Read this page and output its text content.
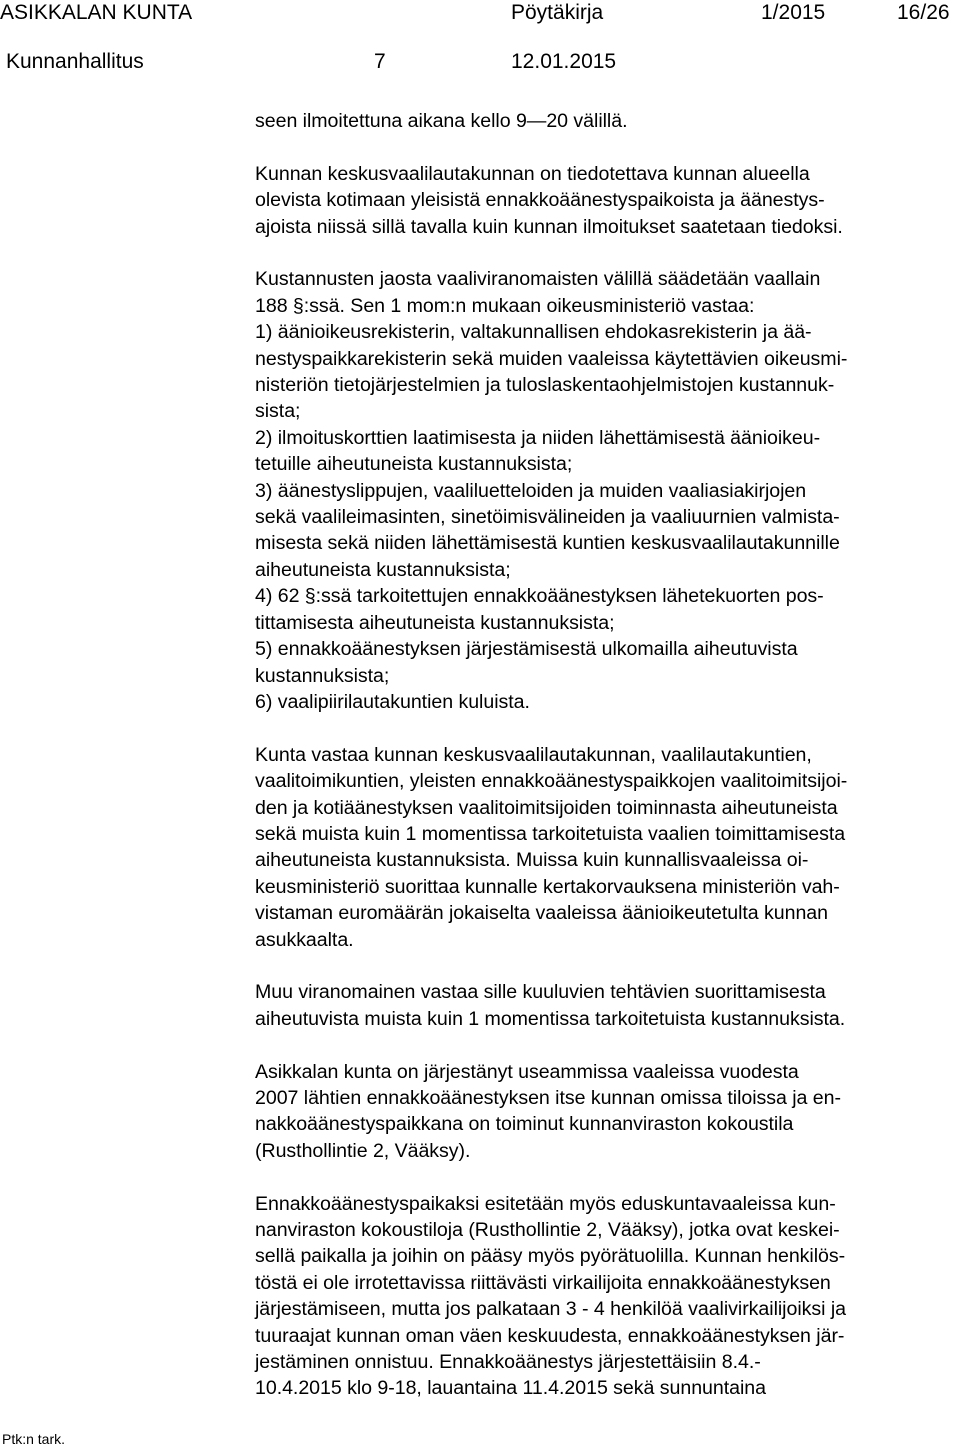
ASIKKALAN KUNTA	Pöytäkirja	1/2015	16/26
Kunnanhallitus	7	12.01.2015

seen ilmoitettuna aikana kello 9—20 välillä.

Kunnan keskusvaalilautakunnan on tiedotettava kunnan alueella
olevista kotimaan yleisistä ennakkoäänestyspaikoista ja äänestys-
ajoista niissä sillä tavalla kuin kunnan ilmoitukset saatetaan tiedoksi.

Kustannusten jaosta vaaliviranomaisten välillä säädetään vaallain
188 §:ssä. Sen 1 mom:n mukaan oikeusministeriö vastaa:
1) äänioikeusrekisterin, valtakunnallisen ehdokasrekisterin ja ää-
nestyspaikkarekisterin sekä muiden vaaleissa käytettävien oikeusmi-
nisteriön tietojärjestelmien ja tuloslaskentaohjelmistojen kustannuk-
sista;
2) ilmoituskorttien laatimisesta ja niiden lähettämisestä äänioikeu-
tetuille aiheutuneista kustannuksista;
3) äänestyslippujen, vaaliluetteloiden ja muiden vaaliasiakirjojen
sekä vaalileimasinten, sinetöimisvälineiden ja vaaliuurnien valmista-
misesta sekä niiden lähettämisestä kuntien keskusvaalilautakunnille
aiheutuneista kustannuksista;
4) 62 §:ssä tarkoitettujen ennakkoäänestyksen lähetekuorten pos-
tittamisesta aiheutuneista kustannuksista;
5) ennakkoäänestyksen järjestämisestä ulkomailla aiheutuvista
kustannuksista;
6) vaalipiirilautakuntien kuluista.

Kunta vastaa kunnan keskusvaalilautakunnan, vaalilautakuntien,
vaalitoimikuntien, yleisten ennakkoäänestyspaikkojen vaalitoimitsijoi-
den ja kotiäänestyksen vaalitoimitsijoiden toiminnasta aiheutuneista
sekä muista kuin 1 momentissa tarkoitetuista vaalien toimittamisesta
aiheutuneista kustannuksista. Muissa kuin kunnallisvaaleissa oi-
keusministeriö suorittaa kunnalle kertakorvauksena ministeriön vah-
vistaman euromäärän jokaiselta vaaleissa äänioikeutetulta kunnan
asukkaalta.

Muu viranomainen vastaa sille kuuluvien tehtävien suorittamisesta
aiheutuvista muista kuin 1 momentissa tarkoitetuista kustannuksista.

Asikkalan kunta on järjestänyt useammissa vaaleissa vuodesta
2007 lähtien ennakkoäänestyksen itse kunnan omissa tiloissa ja en-
nakkoäänestyspaikkana on toiminut kunnanviraston kokoustila
(Rusthollintie 2, Vääksy).

Ennakkoäänestyspaikaksi esitetään myös eduskuntavaaleissa kun-
nanviraston kokoustiloja (Rusthollintie 2, Vääksy), jotka ovat keskei-
sellä paikalla ja joihin on pääsy myös pyörätuolilla. Kunnan henkilös-
töstä ei ole irrotettavissa riittävästi virkailijoita ennakkoäänestyksen
järjestämiseen, mutta jos palkataan 3 - 4 henkilöä vaalivirkailijoiksi ja
tuuraajat kunnan oman väen keskuudesta, ennakkoäänestyksen jär-
jestäminen onnistuu. Ennakkoäänestys järjestettäisiin 8.4.-
10.4.2015 klo 9-18, lauantaina 11.4.2015 sekä sunnuntaina

Ptk:n tark.
